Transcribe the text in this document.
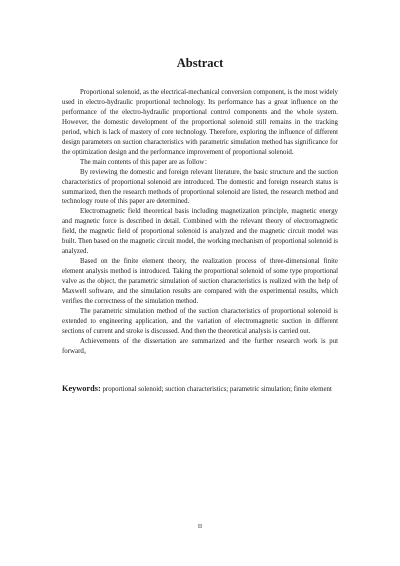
Abstract

Proportional solenoid, as the electrical-mechanical conversion component, is the most widely used in electro-hydraulic proportional technology. Its performance has a great influence on the performance of the electro-hydraulic proportional control components and the whole system. However, the domestic development of the proportional solenoid still remains in the tracking period, which is lack of mastery of core technology. Therefore, exploring the influence of different design parameters on suction characteristics with parametric simulation method has significance for the optimization design and the performance improvement of proportional solenoid.

The main contents of this paper are as follow：

By reviewing the domestic and foreign relevant literature, the basic structure and the suction characteristics of proportional solenoid are introduced. The domestic and foreign research status is summarized, then the research methods of proportional solenoid are listed, the research method and technology route of this paper are determined.

Electromagnetic field theoretical basis including magnetization principle, magnetic energy and magnetic force is described in detail. Combined with the relevant theory of electromagnetic field, the magnetic field of proportional solenoid is analyzed and the magnetic circuit model was built. Then based on the magnetic circuit model, the working mechanism of proportional solenoid is analyzed.

Based on the finite element theory, the realization process of three-dimensional finite element analysis method is introduced. Taking the proportional solenoid of some type proportional valve as the object, the parametric simulation of suction characteristics is realized with the help of Maxwell software, and the simulation results are compared with the experimental results, which verifies the correctness of the simulation method.

The parametric simulation method of the suction characteristics of proportional solenoid is extended to engineering application, and the variation of electromagnetic suction in different sections of current and stroke is discussed. And then the theoretical analysis is carried out.

Achievements of the dissertation are summarized and the further research work is put forward。

Keywords: proportional solenoid; suction characteristics; parametric simulation; finite element
II
